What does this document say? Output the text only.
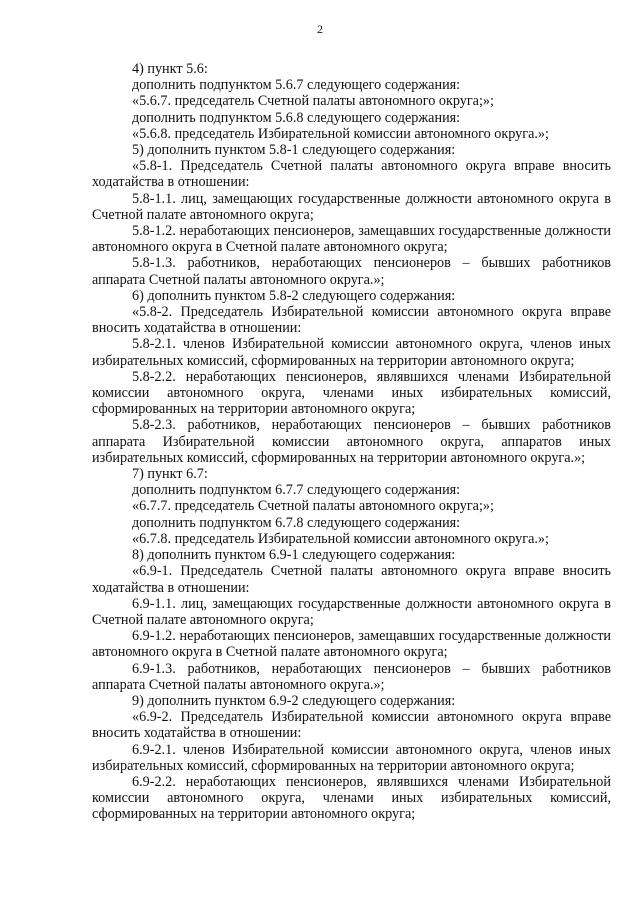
2

4) пункт 5.6:

дополнить подпунктом 5.6.7 следующего содержания:

«5.6.7. председатель Счетной палаты автономного округа;»;

дополнить подпунктом 5.6.8 следующего содержания:

«5.6.8. председатель Избирательной комиссии автономного округа.»;

5) дополнить пунктом 5.8-1 следующего содержания:

«5.8-1. Председатель Счетной палаты автономного округа вправе вносить ходатайства в отношении:

5.8-1.1. лиц, замещающих государственные должности автономного округа в Счетной палате автономного округа;

5.8-1.2. неработающих пенсионеров, замещавших государственные должности автономного округа в Счетной палате автономного округа;

5.8-1.3. работников, неработающих пенсионеров – бывших работников аппарата Счетной палаты автономного округа.»;

6) дополнить пунктом 5.8-2 следующего содержания:

«5.8-2. Председатель Избирательной комиссии автономного округа вправе вносить ходатайства в отношении:

5.8-2.1. членов Избирательной комиссии автономного округа, членов иных избирательных комиссий, сформированных на территории автономного округа;

5.8-2.2. неработающих пенсионеров, являвшихся членами Избирательной комиссии автономного округа, членами иных избирательных комиссий, сформированных на территории автономного округа;

5.8-2.3. работников, неработающих пенсионеров – бывших работников аппарата Избирательной комиссии автономного округа, аппаратов иных избирательных комиссий, сформированных на территории автономного округа.»;

7) пункт 6.7:

дополнить подпунктом 6.7.7 следующего содержания:

«6.7.7. председатель Счетной палаты автономного округа;»;

дополнить подпунктом 6.7.8 следующего содержания:

«6.7.8. председатель Избирательной комиссии автономного округа.»;

8) дополнить пунктом 6.9-1 следующего содержания:

«6.9-1. Председатель Счетной палаты автономного округа вправе вносить ходатайства в отношении:

6.9-1.1. лиц, замещающих государственные должности автономного округа в Счетной палате автономного округа;

6.9-1.2. неработающих пенсионеров, замещавших государственные должности автономного округа в Счетной палате автономного округа;

6.9-1.3. работников, неработающих пенсионеров – бывших работников аппарата Счетной палаты автономного округа.»;

9) дополнить пунктом 6.9-2 следующего содержания:

«6.9-2. Председатель Избирательной комиссии автономного округа вправе вносить ходатайства в отношении:

6.9-2.1. членов Избирательной комиссии автономного округа, членов иных избирательных комиссий, сформированных на территории автономного округа;

6.9-2.2. неработающих пенсионеров, являвшихся членами Избирательной комиссии автономного округа, членами иных избирательных комиссий, сформированных на территории автономного округа;
